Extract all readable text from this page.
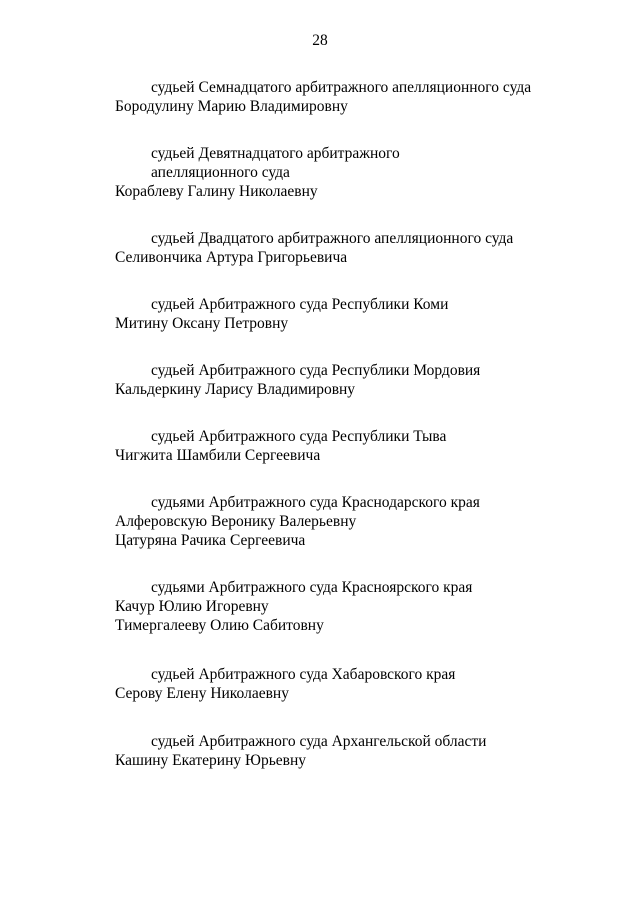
28
судьей Семнадцатого арбитражного апелляционного суда
Бородулину Марию Владимировну
судьей Девятнадцатого арбитражного
апелляционного суда
Кораблеву Галину Николаевну
судьей Двадцатого арбитражного апелляционного суда
Селивончика Артура Григорьевича
судьей Арбитражного суда Республики Коми
Митину Оксану Петровну
судьей Арбитражного суда Республики Мордовия
Кальдеркину Ларису Владимировну
судьей Арбитражного суда Республики Тыва
Чигжита Шамбили Сергеевича
судьями Арбитражного суда Краснодарского края
Алферовскую Веронику Валерьевну
Цатуряна Рачика Сергеевича
судьями Арбитражного суда Красноярского края
Качур Юлию Игоревну
Тимергалееву Олию Сабитовну
судьей Арбитражного суда Хабаровского края
Серову Елену Николаевну
судьей Арбитражного суда Архангельской области
Кашину Екатерину Юрьевну
